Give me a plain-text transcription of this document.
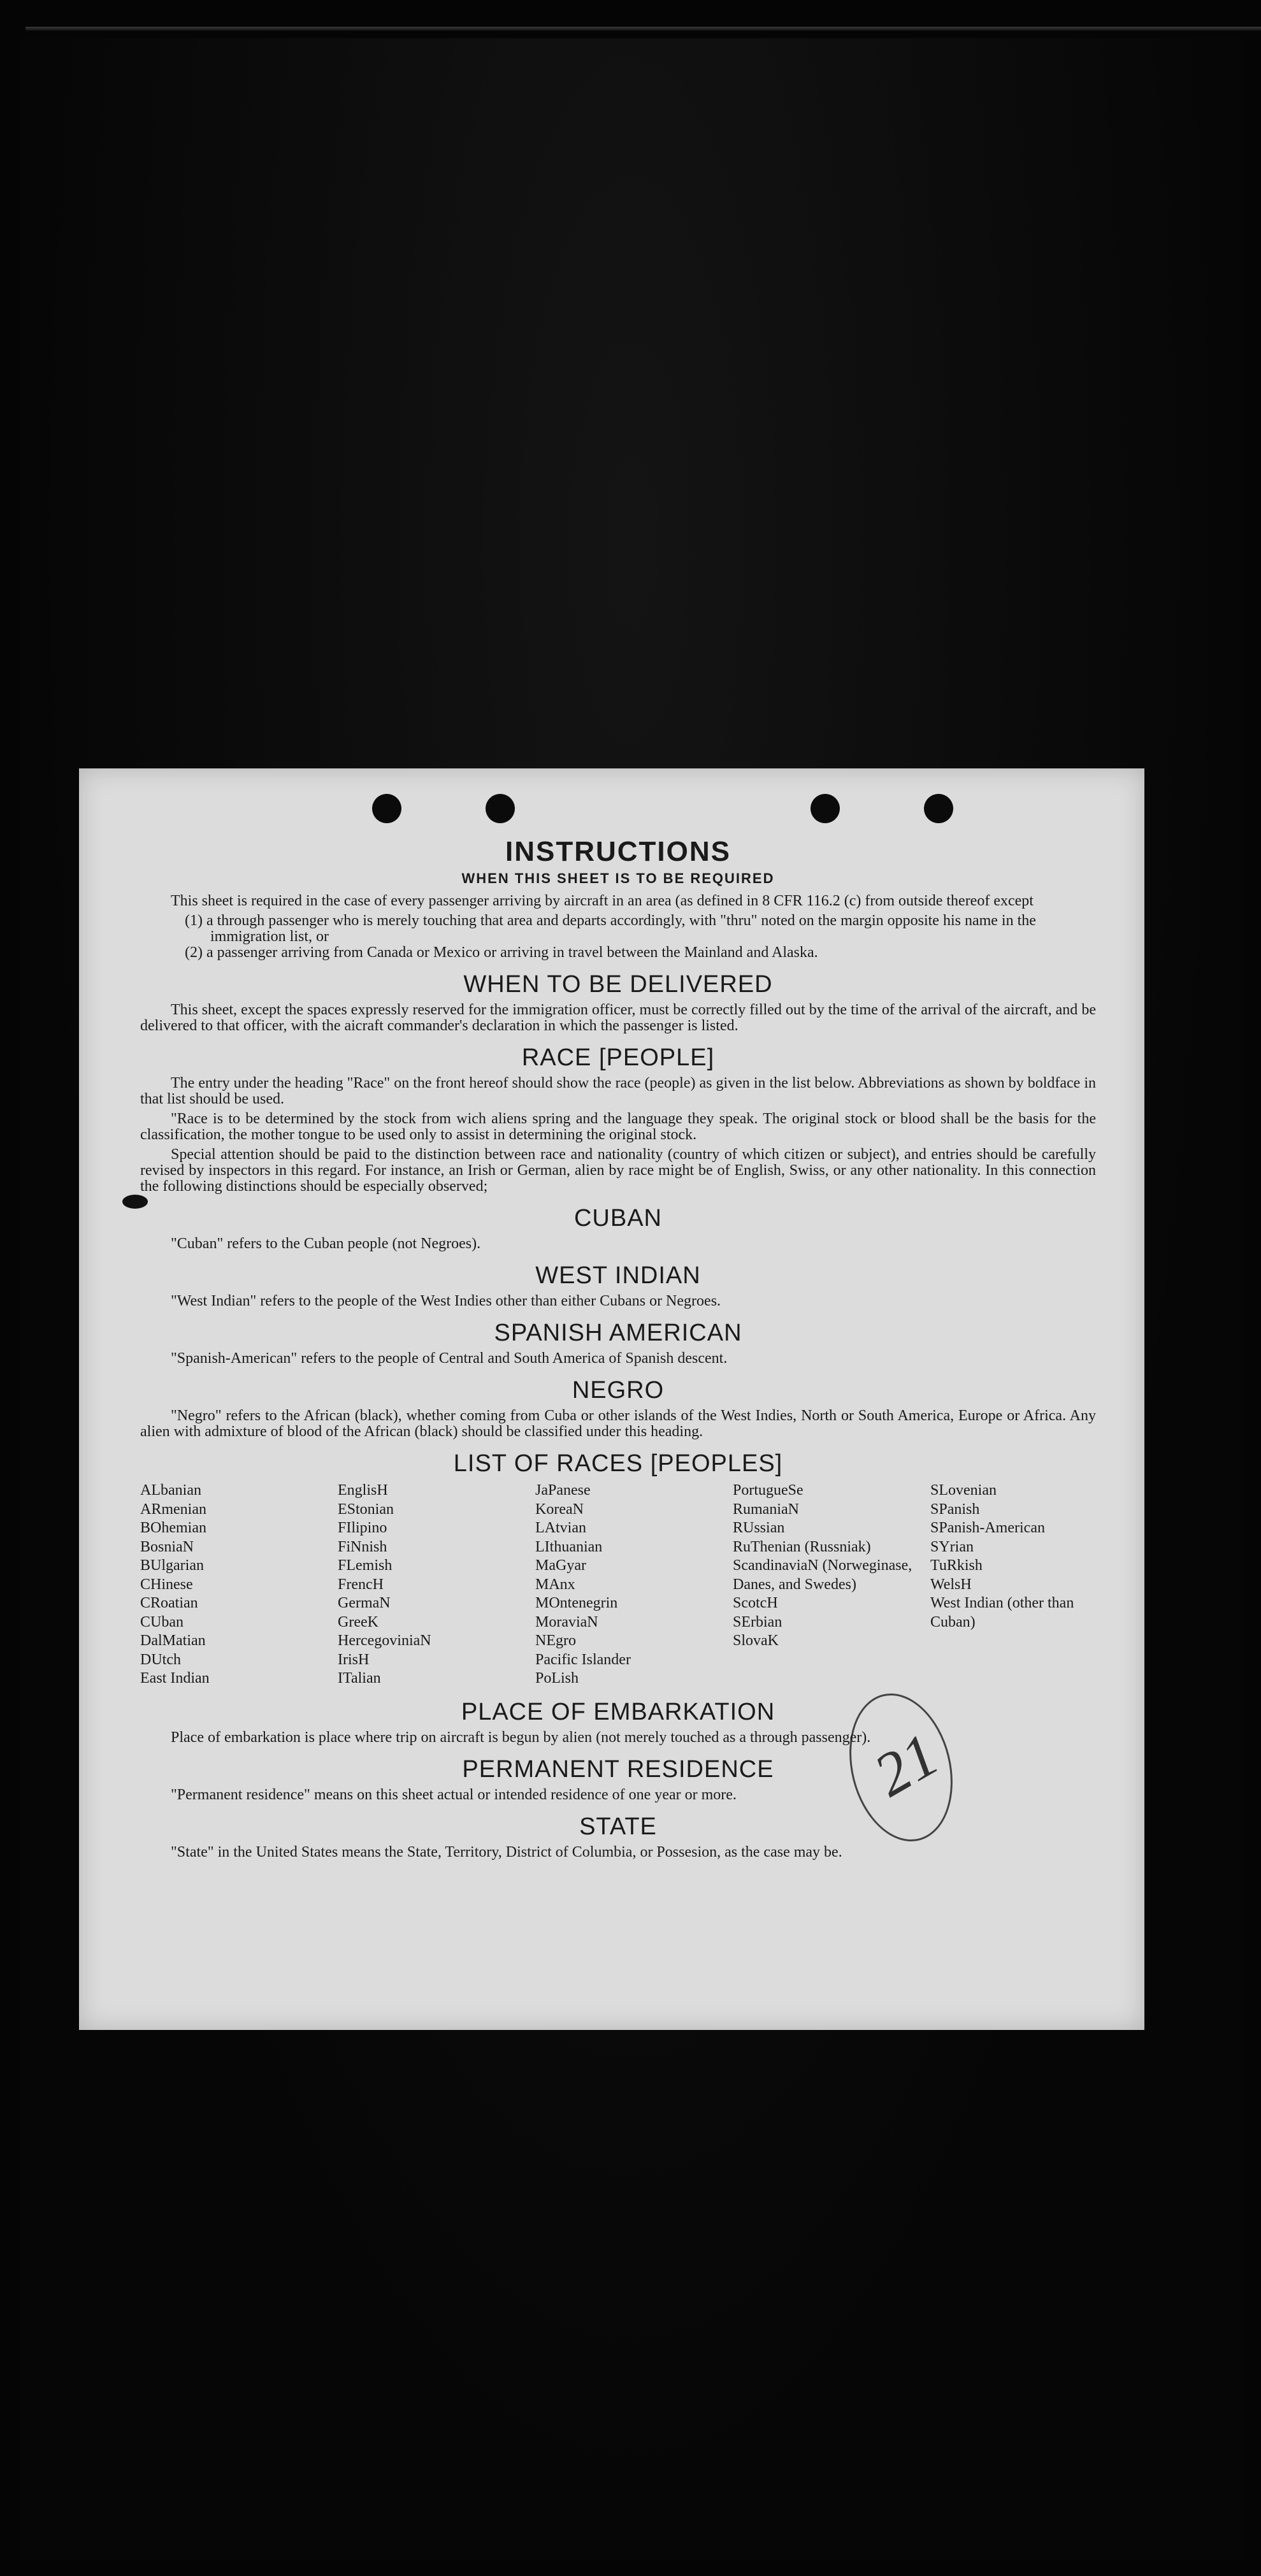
INSTRUCTIONS
WHEN THIS SHEET IS TO BE REQUIRED

This sheet is required in the case of every passenger arriving by aircraft in an area (as defined in 8 CFR 116.2 (c) from outside thereof except

(1) a through passenger who is merely touching that area and departs accordingly, with "thru" noted on the margin opposite his name in the immigration list, or
(2) a passenger arriving from Canada or Mexico or arriving in travel between the Mainland and Alaska.
WHEN TO BE DELIVERED

This sheet, except the spaces expressly reserved for the immigration officer, must be correctly filled out by the time of the arrival of the aircraft, and be delivered to that officer, with the aicraft commander's declaration in which the passenger is listed.

RACE [PEOPLE]

The entry under the heading "Race" on the front hereof should show the race (people) as given in the list below. Abbreviations as shown by boldface in that list should be used.

"Race is to be determined by the stock from wich aliens spring and the language they speak. The original stock or blood shall be the basis for the classification, the mother tongue to be used only to assist in determining the original stock.

Special attention should be paid to the distinction between race and nationality (country of which citizen or subject), and entries should be carefully revised by inspectors in this regard. For instance, an Irish or German, alien by race might be of English, Swiss, or any other nationality. In this connection the following distinctions should be especially observed;

CUBAN

"Cuban" refers to the Cuban people (not Negroes).

WEST INDIAN

"West Indian" refers to the people of the West Indies other than either Cubans or Negroes.

SPANISH AMERICAN

"Spanish-American" refers to the people of Central and South America of Spanish descent.

NEGRO

"Negro" refers to the African (black), whether coming from Cuba or other islands of the West Indies, North or South America, Europe or Africa. Any alien with admixture of blood of the African (black) should be classified under this heading.

LIST OF RACES [PEOPLES]
ALbanian
ARmenian
BOhemian
BosniaN
BUlgarian
CHinese
CRoatian
CUban
DalMatian
DUtch
East Indian
EnglisH
EStonian
FIlipino
FiNnish
FLemish
FrencH
GermaN
GreeK
HercegoviniaN
IrisH
ITalian
JaPanese
KoreaN
LAtvian
LIthuanian
MaGyar
MAnx
MOntenegrin
MoraviaN
NEgro
Pacific Islander
PoLish
PortugueSe
RumaniaN
RUssian
RuThenian (Russniak)
ScandinaviaN (Norweginase, Danes, and Swedes)
ScotcH
SErbian
SlovaK
SLovenian
SPanish
SPanish-American
SYrian
TuRkish
WelsH
West Indian (other than Cuban)
PLACE OF EMBARKATION

Place of embarkation is place where trip on aircraft is begun by alien (not merely touched as a through passenger).

PERMANENT RESIDENCE

"Permanent residence" means on this sheet actual or intended residence of one year or more.

STATE

"State" in the United States means the State, Territory, District of Columbia, or Possesion, as the case may be.

21
